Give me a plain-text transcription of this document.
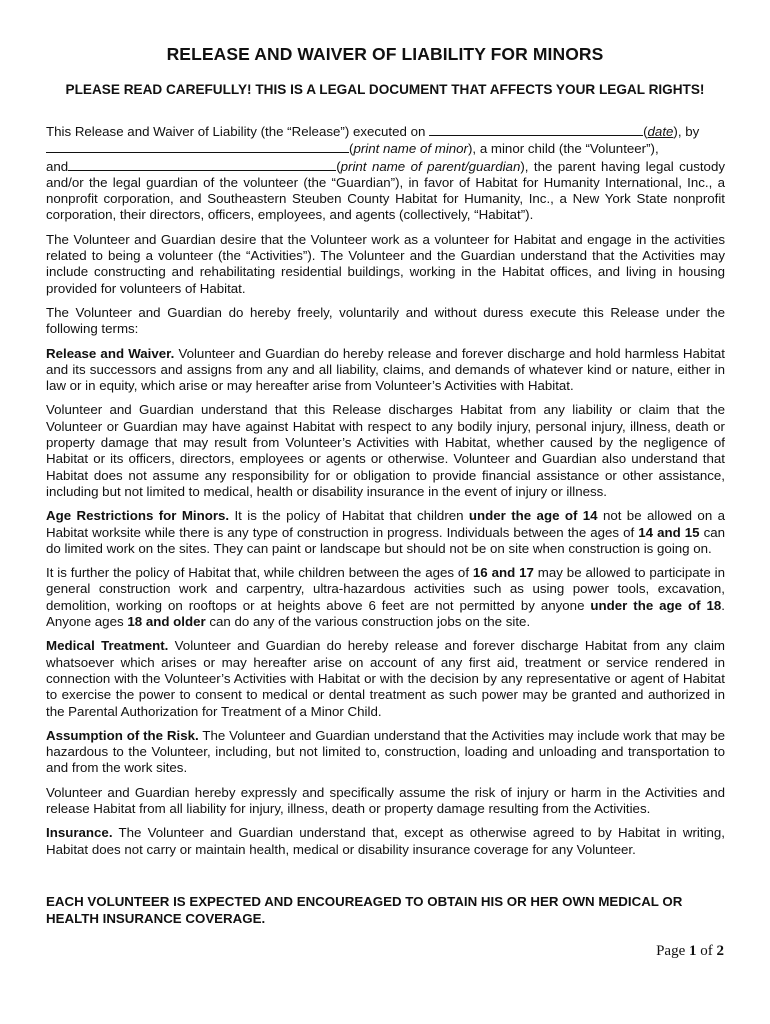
RELEASE AND WAIVER OF LIABILITY FOR MINORS
PLEASE READ CAREFULLY! THIS IS A LEGAL DOCUMENT THAT AFFECTS YOUR LEGAL RIGHTS!

This Release and Waiver of Liability (the “Release”) executed on	(date), by
(print name of minor), a minor child (the “Volunteer”),
and	(print name of parent/guardian), the parent having legal custody and/or the legal guardian of the volunteer (the “Guardian”), in favor of Habitat for Humanity International, Inc., a nonprofit corporation, and Southeastern Steuben County Habitat for Humanity, Inc., a New York State nonprofit corporation, their directors, officers, employees, and agents (collectively, “Habitat”).

The Volunteer and Guardian desire that the Volunteer work as a volunteer for Habitat and engage in the activities related to being a volunteer (the “Activities”). The Volunteer and the Guardian understand that the Activities may include constructing and rehabilitating residential buildings, working in the Habitat offices, and living in housing provided for volunteers of Habitat.

The Volunteer and Guardian do hereby freely, voluntarily and without duress execute this Release under the following terms:

Release and Waiver. Volunteer and Guardian do hereby release and forever discharge and hold harmless Habitat and its successors and assigns from any and all liability, claims, and demands of whatever kind or nature, either in law or in equity, which arise or may hereafter arise from Volunteer’s Activities with Habitat.

Volunteer and Guardian understand that this Release discharges Habitat from any liability or claim that the Volunteer or Guardian may have against Habitat with respect to any bodily injury, personal injury, illness, death or property damage that may result from Volunteer’s Activities with Habitat, whether caused by the negligence of Habitat or its officers, directors, employees or agents or otherwise. Volunteer and Guardian also understand that Habitat does not assume any responsibility for or obligation to provide financial assistance or other assistance, including but not limited to medical, health or disability insurance in the event of injury or illness.

Age Restrictions for Minors. It is the policy of Habitat that children under the age of 14 not be allowed on a Habitat worksite while there is any type of construction in progress. Individuals between the ages of 14 and 15 can do limited work on the sites. They can paint or landscape but should not be on site when construction is going on.

It is further the policy of Habitat that, while children between the ages of 16 and 17 may be allowed to participate in general construction work and carpentry, ultra-hazardous activities such as using power tools, excavation, demolition, working on rooftops or at heights above 6 feet are not permitted by anyone under the age of 18. Anyone ages 18 and older can do any of the various construction jobs on the site.

Medical Treatment. Volunteer and Guardian do hereby release and forever discharge Habitat from any claim whatsoever which arises or may hereafter arise on account of any first aid, treatment or service rendered in connection with the Volunteer’s Activities with Habitat or with the decision by any representative or agent of Habitat to exercise the power to consent to medical or dental treatment as such power may be granted and authorized in the Parental Authorization for Treatment of a Minor Child.

Assumption of the Risk. The Volunteer and Guardian understand that the Activities may include work that may be hazardous to the Volunteer, including, but not limited to, construction, loading and unloading and transportation to and from the work sites.

Volunteer and Guardian hereby expressly and specifically assume the risk of injury or harm in the Activities and release Habitat from all liability for injury, illness, death or property damage resulting from the Activities.

Insurance. The Volunteer and Guardian understand that, except as otherwise agreed to by Habitat in writing, Habitat does not carry or maintain health, medical or disability insurance coverage for any Volunteer.

EACH VOLUNTEER IS EXPECTED AND ENCOUREAGED TO OBTAIN HIS OR HER OWN MEDICAL OR HEALTH INSURANCE COVERAGE.

Page 1 of 2
